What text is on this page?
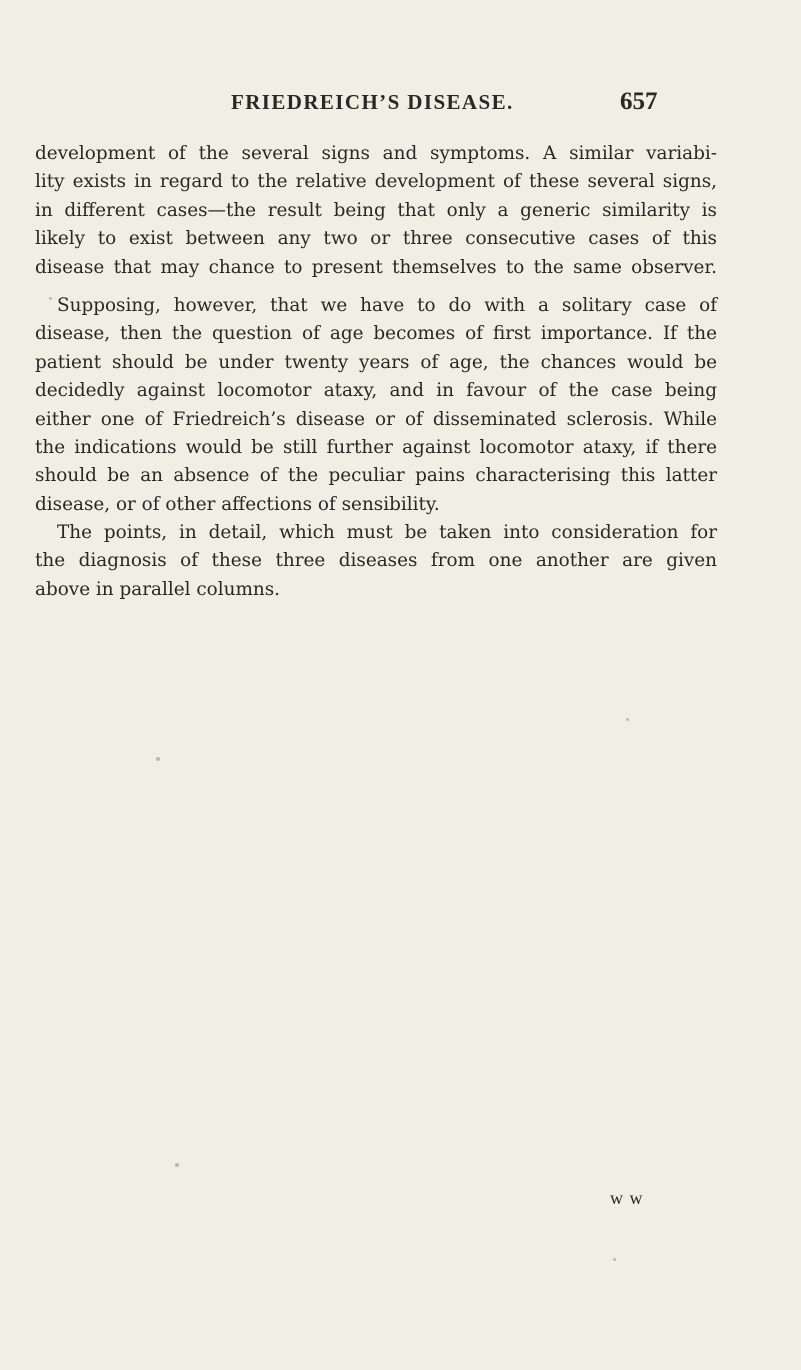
FRIEDREICH’S DISEASE.	657
development of the several signs and symptoms. A similar variabi-
lity exists in regard to the relative development of these several signs,
in different cases—the result being that only a generic similarity is
likely to exist between any two or three consecutive cases of this
disease that may chance to present themselves to the same observer.
Supposing, however, that we have to do with a solitary case of
disease, then the question of age becomes of first importance. If the
patient should be under twenty years of age, the chances would be
decidedly against locomotor ataxy, and in favour of the case being
either one of Friedreich’s disease or of disseminated sclerosis. While
the indications would be still further against locomotor ataxy, if there
should be an absence of the peculiar pains characterising this latter
disease, or of other affections of sensibility.
The points, in detail, which must be taken into consideration for
the diagnosis of these three diseases from one another are given
above in parallel columns.
w w
